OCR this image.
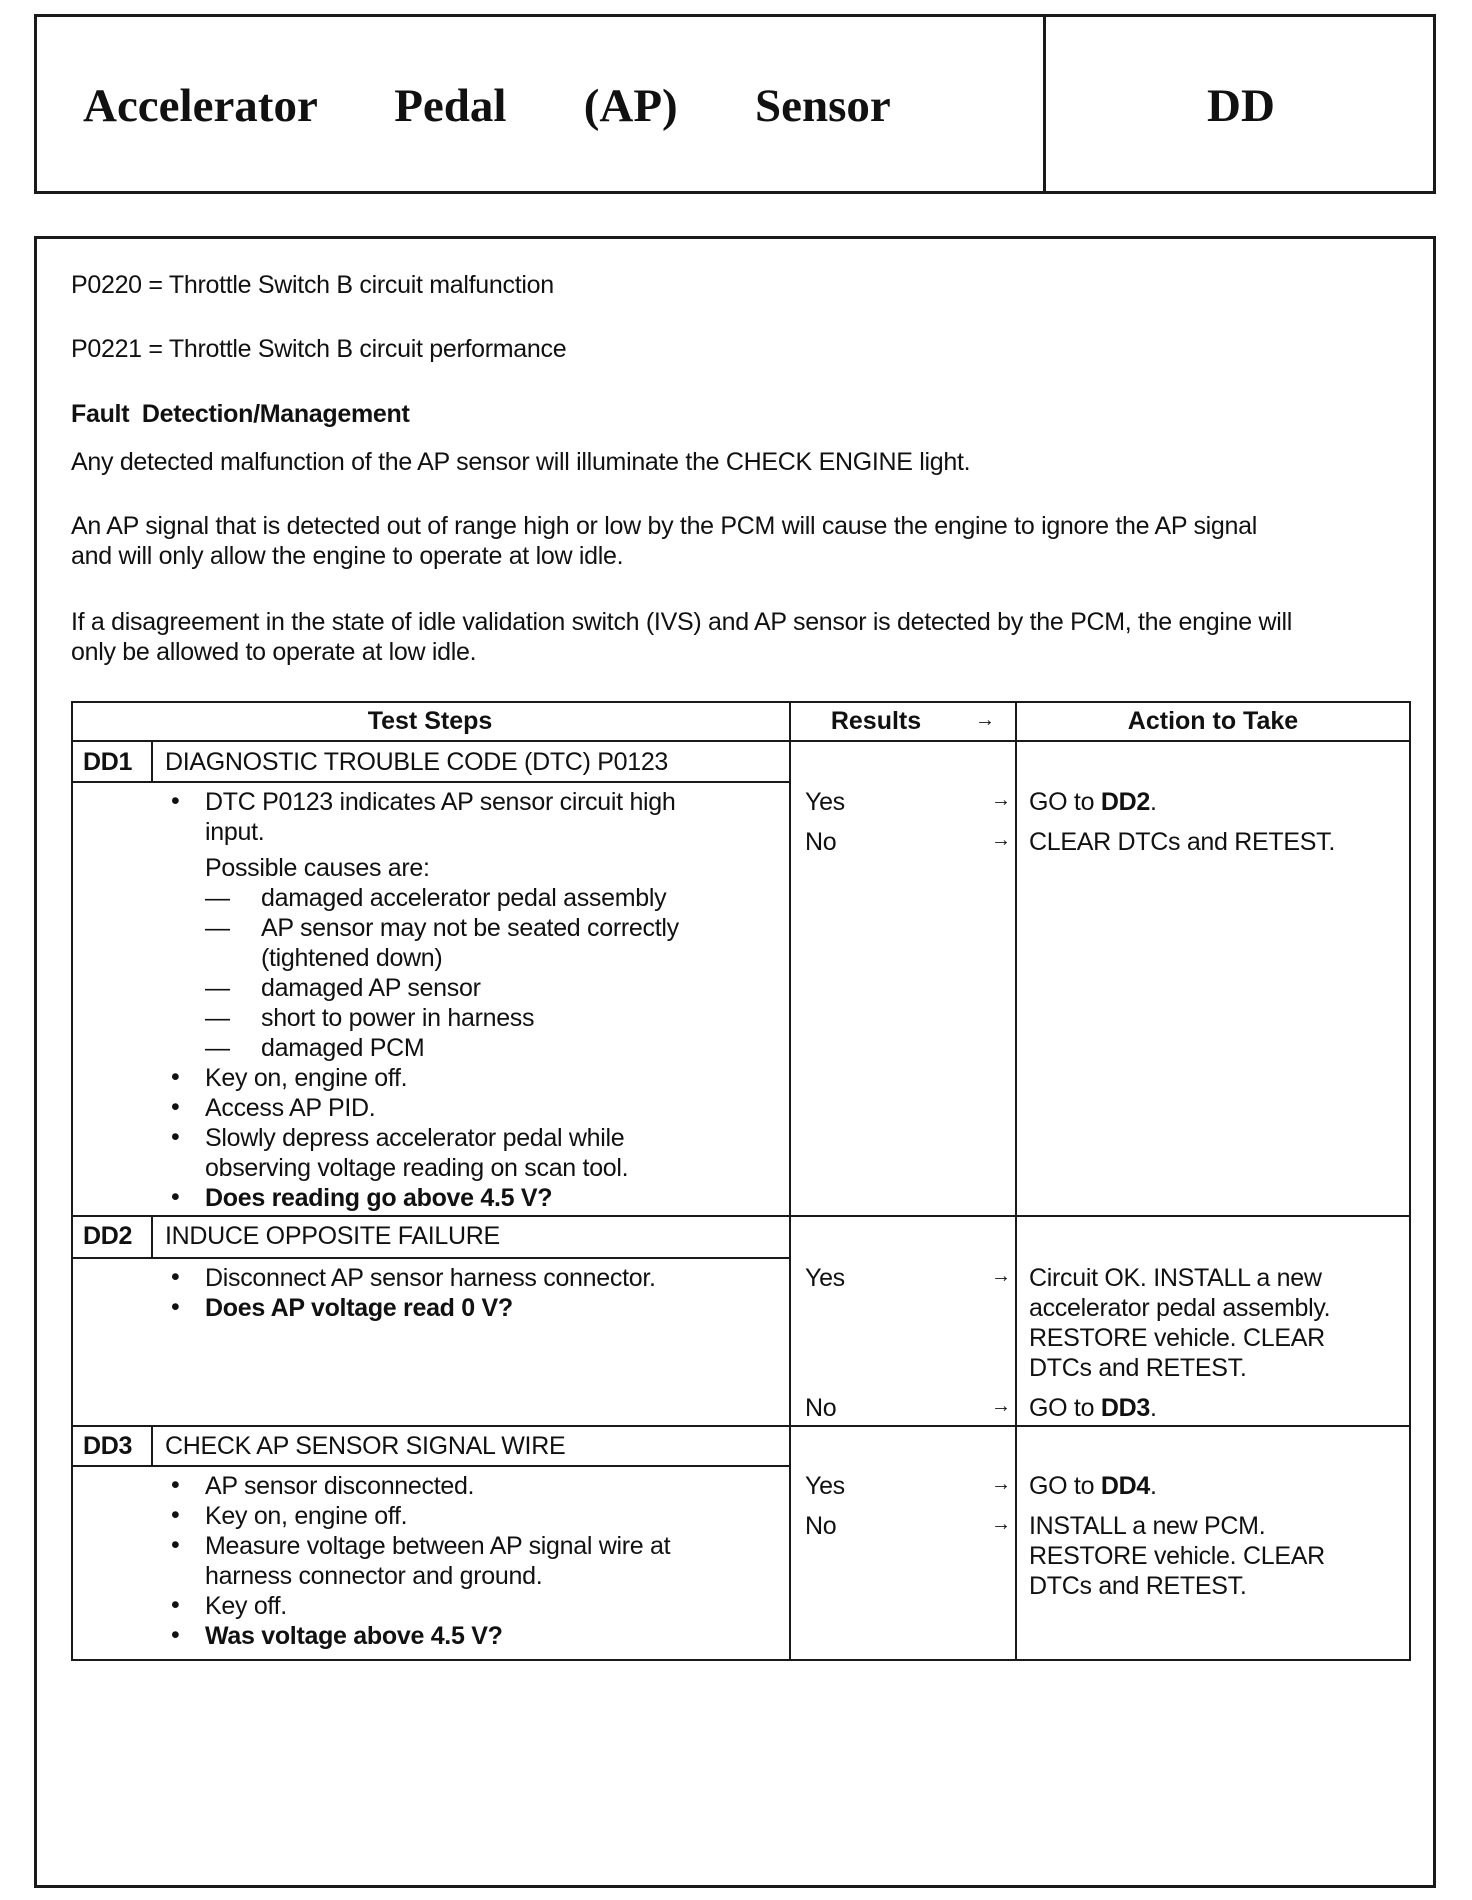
Accelerator   Pedal   (AP)   Sensor	DD
P0220 = Throttle Switch B circuit malfunction
P0221 = Throttle Switch B circuit performance
Fault Detection/Management
Any detected malfunction of the AP sensor will illuminate the CHECK ENGINE light.
An AP signal that is detected out of range high or low by the PCM will cause the engine to ignore the AP signal
and will only allow the engine to operate at low idle.
If a disagreement in the state of idle validation switch (IVS) and AP sensor is detected by the PCM, the engine will
only be allowed to operate at low idle.
Test Steps	Results	→	Action to Take
DD1 DIAGNOSTIC TROUBLE CODE (DTC) P0123
• DTC P0123 indicates AP sensor circuit high
input.
Possible causes are:
— damaged accelerator pedal assembly
— AP sensor may not be seated correctly
(tightened down)
— damaged AP sensor
— short to power in harness
— damaged PCM
• Key on, engine off.
• Access AP PID.
• Slowly depress accelerator pedal while
observing voltage reading on scan tool.
• Does reading go above 4.5 V?
Yes	→ GO to DD2.
No	→ CLEAR DTCs and RETEST.
DD2 INDUCE OPPOSITE FAILURE
• Disconnect AP sensor harness connector.
• Does AP voltage read 0 V?
Yes	→ Circuit OK. INSTALL a new
accelerator pedal assembly.
RESTORE vehicle. CLEAR
DTCs and RETEST.
No	→ GO to DD3.
DD3 CHECK AP SENSOR SIGNAL WIRE
• AP sensor disconnected.
• Key on, engine off.
• Measure voltage between AP signal wire at
harness connector and ground.
• Key off.
• Was voltage above 4.5 V?
Yes	→ GO to DD4.
No	→ INSTALL a new PCM.
RESTORE vehicle. CLEAR
DTCs and RETEST.
